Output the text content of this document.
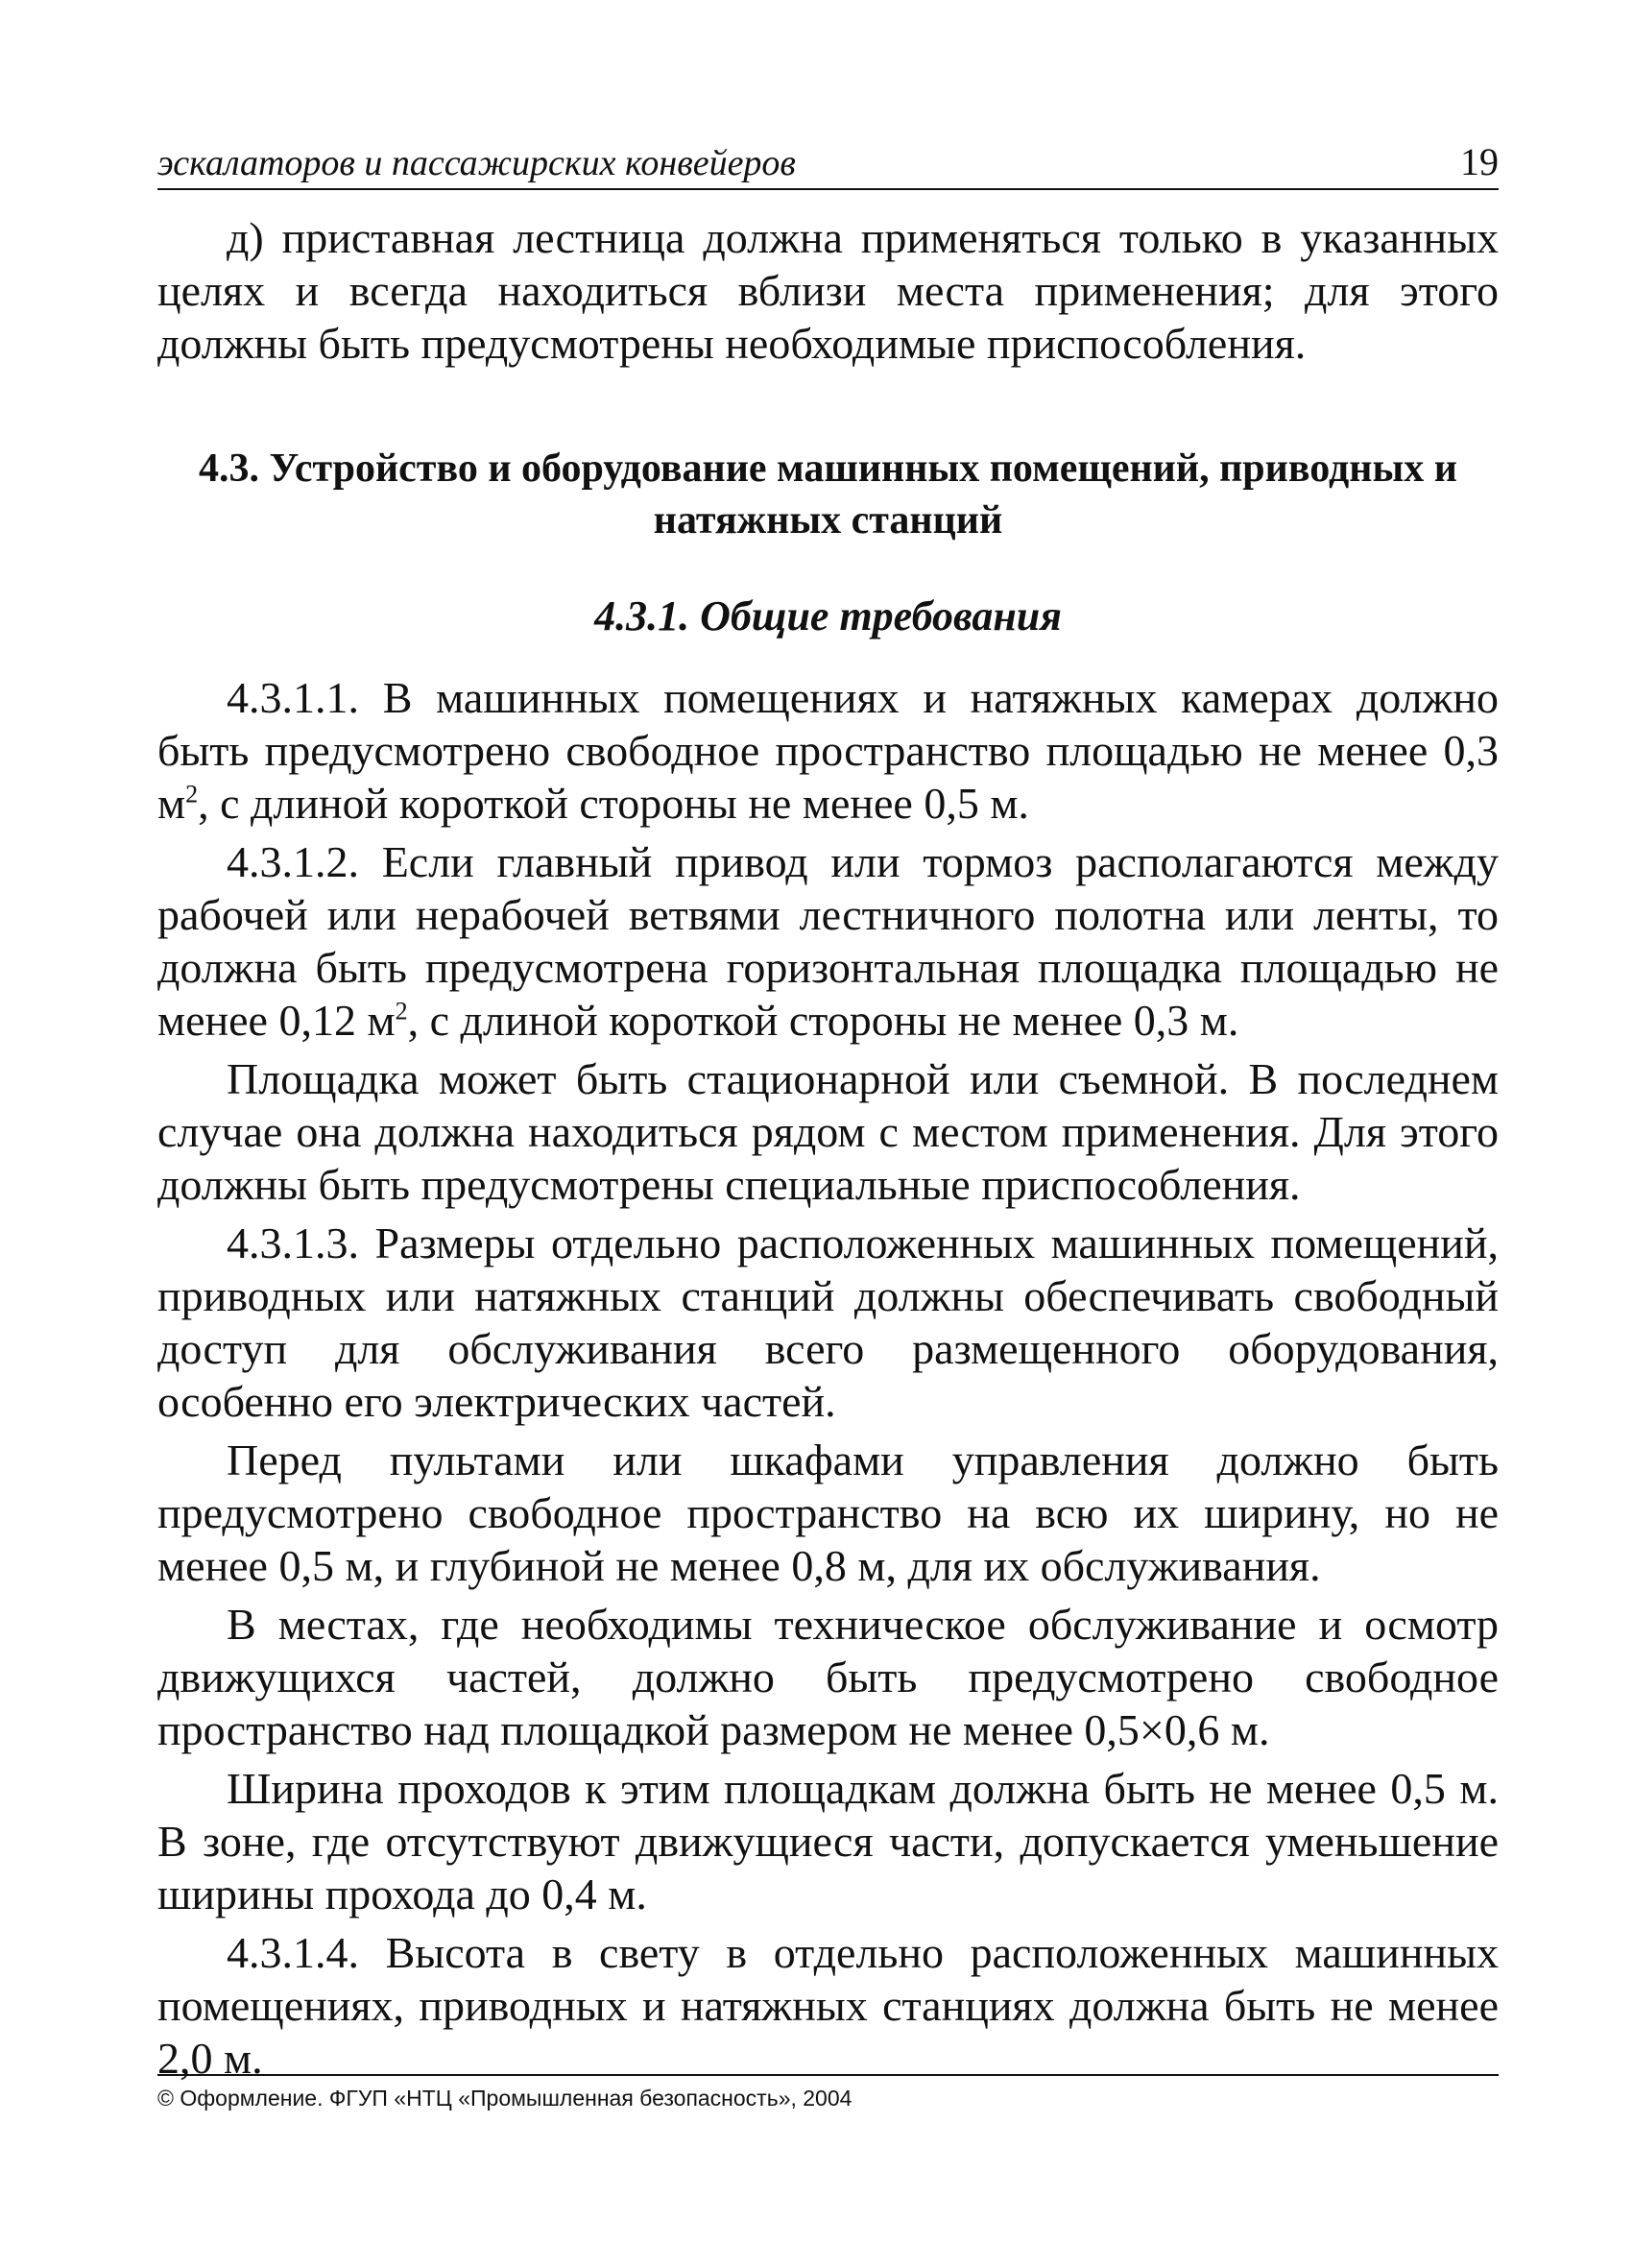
эскалаторов и пассажирских конвейеров	19

д) приставная лестница должна применяться только в указанных целях и всегда находиться вблизи места применения; для этого должны быть предусмотрены необходимые приспособления.

4.3. Устройство и оборудование машинных помещений, приводных и натяжных станций
4.3.1. Общие требования

4.3.1.1. В машинных помещениях и натяжных камерах должно быть предусмотрено свободное пространство площадью не менее 0,3 $м^2$, с длиной короткой стороны не менее 0,5 м.

4.3.1.2. Если главный привод или тормоз располагаются между рабочей или нерабочей ветвями лестничного полотна или ленты, то должна быть предусмотрена горизонтальная площадка площадью не менее 0,12 $м^2$, с длиной короткой стороны не менее 0,3 м.

Площадка может быть стационарной или съемной. В последнем случае она должна находиться рядом с местом применения. Для этого должны быть предусмотрены специальные приспособления.

4.3.1.3. Размеры отдельно расположенных машинных помещений, приводных или натяжных станций должны обеспечивать свободный доступ для обслуживания всего размещенного оборудования, особенно его электрических частей.

Перед пультами или шкафами управления должно быть предусмотрено свободное пространство на всю их ширину, но не менее 0,5 м, и глубиной не менее 0,8 м, для их обслуживания.

В местах, где необходимы техническое обслуживание и осмотр движущихся частей, должно быть предусмотрено свободное пространство над площадкой размером не менее 0,5×0,6 м.

Ширина проходов к этим площадкам должна быть не менее 0,5 м. В зоне, где отсутствуют движущиеся части, допускается уменьшение ширины прохода до 0,4 м.

4.3.1.4. Высота в свету в отдельно расположенных машинных помещениях, приводных и натяжных станциях должна быть не менее 2,0 м.

© Оформление. ФГУП «НТЦ «Промышленная безопасность», 2004
